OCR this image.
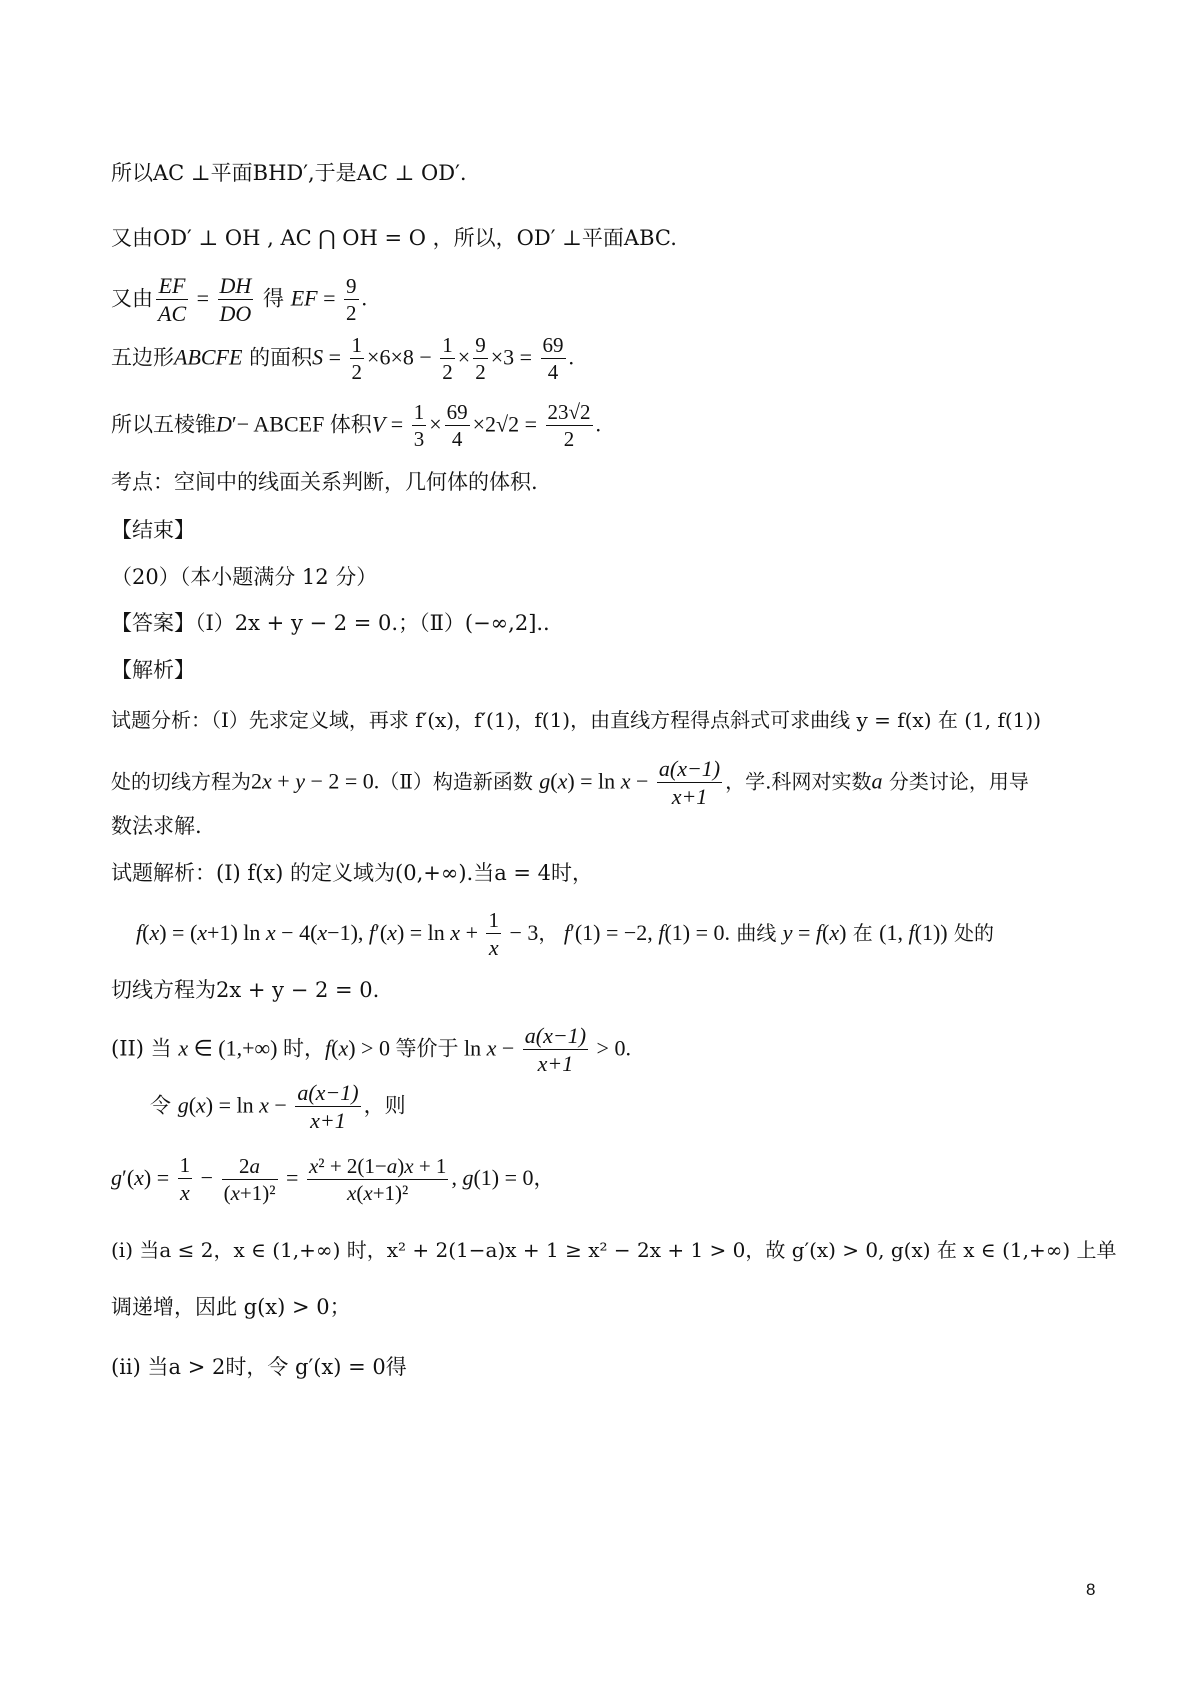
所以AC ⊥平面BHD′,于是AC ⊥ OD′.
又由OD′ ⊥ OH , AC ⋂ OH = O ，所以，OD′ ⊥平面ABC.
又由 $\frac{EF}{AC} = \frac{DH}{DO}$ 得 EF = $\frac{9}{2}$ .
五边形ABCFE 的面积$S = \frac{1}{2} \times 6\times 8 - \frac{1}{2} \times \frac{9}{2} \times 3 = \frac{69}{4}$ .
所以五棱锥D′− ABCEF 体积$V = \frac{1}{3} \times \frac{69}{4} \times 2√2 = \frac{23√2}{2}$ .
考点：空间中的线面关系判断，几何体的体积.
【结束】
（20）（本小题满分 12 分）
【答案】（Ⅰ）2x + y − 2 = 0.；（Ⅱ）(−∞,2]..
【解析】
试题分析：（Ⅰ）先求定义域，再求 f′(x)，f′(1)，f(1)，由直线方程得点斜式可求曲线 y = f(x) 在 (1, f(1))
处的切线方程为2x + y − 2 = 0.（Ⅱ）构造新函数 $g(x) = \ln x - \frac{a(x-1)}{x+1}$ ，学.科网对实数a 分类讨论，用导
数法求解.
试题解析：(I) f(x) 的定义域为(0,+∞).当a = 4时，
f(x) = (x+1) ln x − 4(x−1), $f'(x) = \ln x + \frac{1}{x} - 3$， f′(1) = −2, f(1) = 0. 曲线 y = f(x) 在 (1, f(1)) 处的
切线方程为2x + y − 2 = 0.
(II) 当 x ∈ (1,+∞) 时，f(x) > 0 等价于 $\ln x - \frac{a(x-1)}{x+1} > 0$.
令 $g(x) = \ln x - \frac{a(x-1)}{x+1}$ ，则
$g'(x) = \frac{1}{x} - \frac{2a}{\text{(x+1)²}} = \frac{\text{x² + 2(1−a)x + 1}}{\text{x(x+1)²}}$ , g(1) = 0，
(i) 当a ≤ 2，x ∈ (1,+∞) 时，x² + 2(1−a)x + 1 ≥ x² − 2x + 1 > 0，故 g′(x) > 0, g(x) 在 x ∈ (1,+∞) 上单
调递增，因此 g(x) > 0；
(ii) 当a > 2时，令 g′(x) = 0得
8
